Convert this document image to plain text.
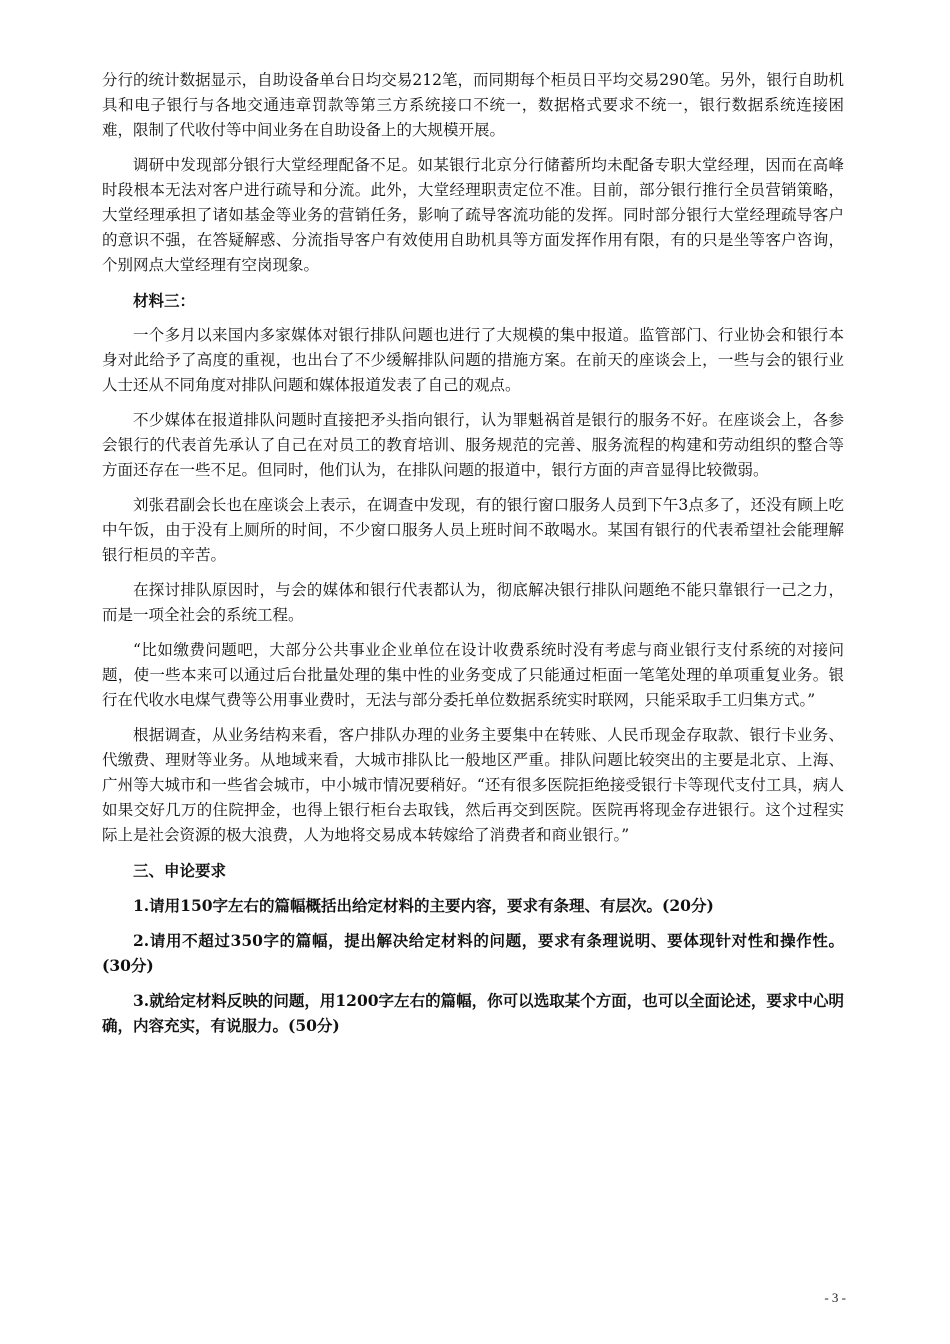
分行的统计数据显示，自助设备单台日均交易212笔，而同期每个柜员日平均交易290笔。另外，银行自助机具和电子银行与各地交通违章罚款等第三方系统接口不统一，数据格式要求不统一，银行数据系统连接困难，限制了代收付等中间业务在自助设备上的大规模开展。

调研中发现部分银行大堂经理配备不足。如某银行北京分行储蓄所均未配备专职大堂经理，因而在高峰时段根本无法对客户进行疏导和分流。此外，大堂经理职责定位不准。目前，部分银行推行全员营销策略，大堂经理承担了诸如基金等业务的营销任务，影响了疏导客流功能的发挥。同时部分银行大堂经理疏导客户的意识不强，在答疑解惑、分流指导客户有效使用自助机具等方面发挥作用有限，有的只是坐等客户咨询，个别网点大堂经理有空岗现象。

材料三：

一个多月以来国内多家媒体对银行排队问题也进行了大规模的集中报道。监管部门、行业协会和银行本身对此给予了高度的重视，也出台了不少缓解排队问题的措施方案。在前天的座谈会上，一些与会的银行业人士还从不同角度对排队问题和媒体报道发表了自己的观点。

不少媒体在报道排队问题时直接把矛头指向银行，认为罪魁祸首是银行的服务不好。在座谈会上，各参会银行的代表首先承认了自己在对员工的教育培训、服务规范的完善、服务流程的构建和劳动组织的整合等方面还存在一些不足。但同时，他们认为，在排队问题的报道中，银行方面的声音显得比较微弱。

刘张君副会长也在座谈会上表示，在调查中发现，有的银行窗口服务人员到下午3点多了，还没有顾上吃中午饭，由于没有上厕所的时间，不少窗口服务人员上班时间不敢喝水。某国有银行的代表希望社会能理解银行柜员的辛苦。

在探讨排队原因时，与会的媒体和银行代表都认为，彻底解决银行排队问题绝不能只靠银行一己之力，而是一项全社会的系统工程。

“比如缴费问题吧，大部分公共事业企业单位在设计收费系统时没有考虑与商业银行支付系统的对接问题，使一些本来可以通过后台批量处理的集中性的业务变成了只能通过柜面一笔笔处理的单项重复业务。银行在代收水电煤气费等公用事业费时，无法与部分委托单位数据系统实时联网，只能采取手工归集方式。”

根据调查，从业务结构来看，客户排队办理的业务主要集中在转账、人民币现金存取款、银行卡业务、代缴费、理财等业务。从地域来看，大城市排队比一般地区严重。排队问题比较突出的主要是北京、上海、广州等大城市和一些省会城市，中小城市情况要稍好。“还有很多医院拒绝接受银行卡等现代支付工具，病人如果交好几万的住院押金，也得上银行柜台去取钱，然后再交到医院。医院再将现金存进银行。这个过程实际上是社会资源的极大浪费，人为地将交易成本转嫁给了消费者和商业银行。”

三、申论要求

1.请用150字左右的篇幅概括出给定材料的主要内容，要求有条理、有层次。(20分)

2.请用不超过350字的篇幅，提出解决给定材料的问题，要求有条理说明、要体现针对性和操作性。(30分)

3.就给定材料反映的问题，用1200字左右的篇幅，你可以选取某个方面，也可以全面论述，要求中心明确，内容充实，有说服力。(50分)

- 3 -
